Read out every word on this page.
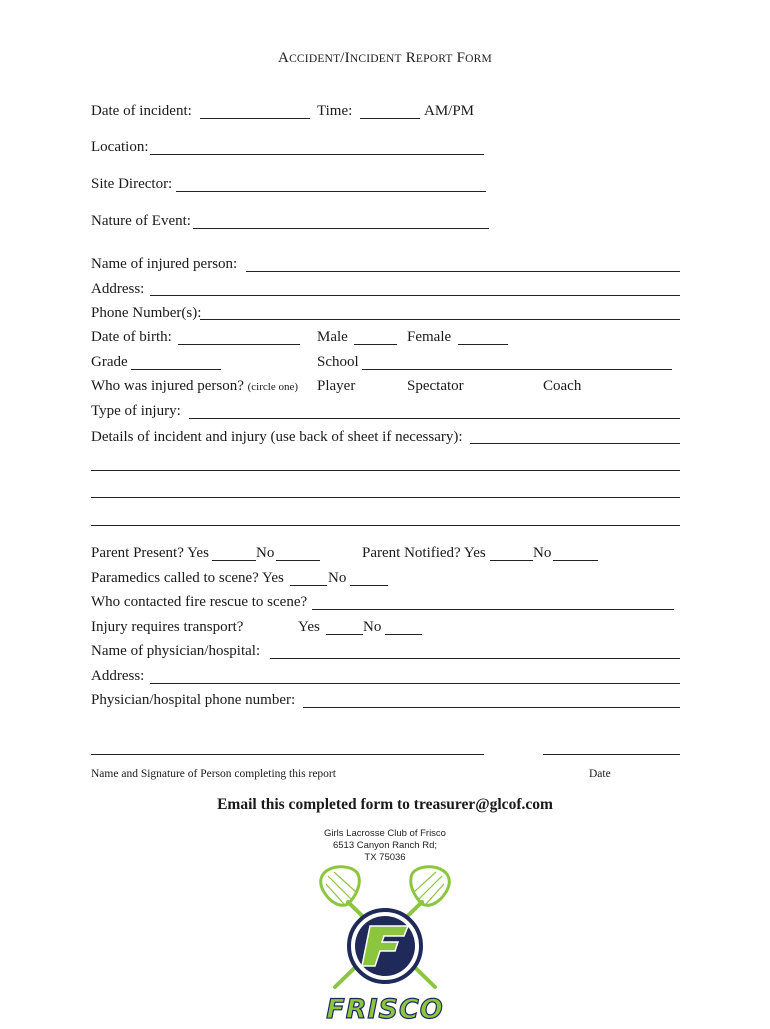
ACCIDENT/INCIDENT REPORT FORM
Date of incident:	Time:	AM/PM
Location:
Site Director:
Nature of Event:
Name of injured person:
Address:
Phone Number(s):
Date of birth:	Male	Female
Grade	School
Who was injured person? (circle one) Player	Spectator	Coach
Type of injury:
Details of incident and injury (use back of sheet if necessary):
Parent Present? Yes	No	Parent Notified? Yes	No
Paramedics called to scene? Yes	No
Who contacted fire rescue to scene?
Injury requires transport?	Yes	No
Name of physician/hospital:
Address:
Physician/hospital phone number:
Name and Signature of Person completing this report	Date
Email this completed form to treasurer@glcof.com
Girls Lacrosse Club of Frisco
6513 Canyon Ranch Rd;
TX 75036
FRISCO
